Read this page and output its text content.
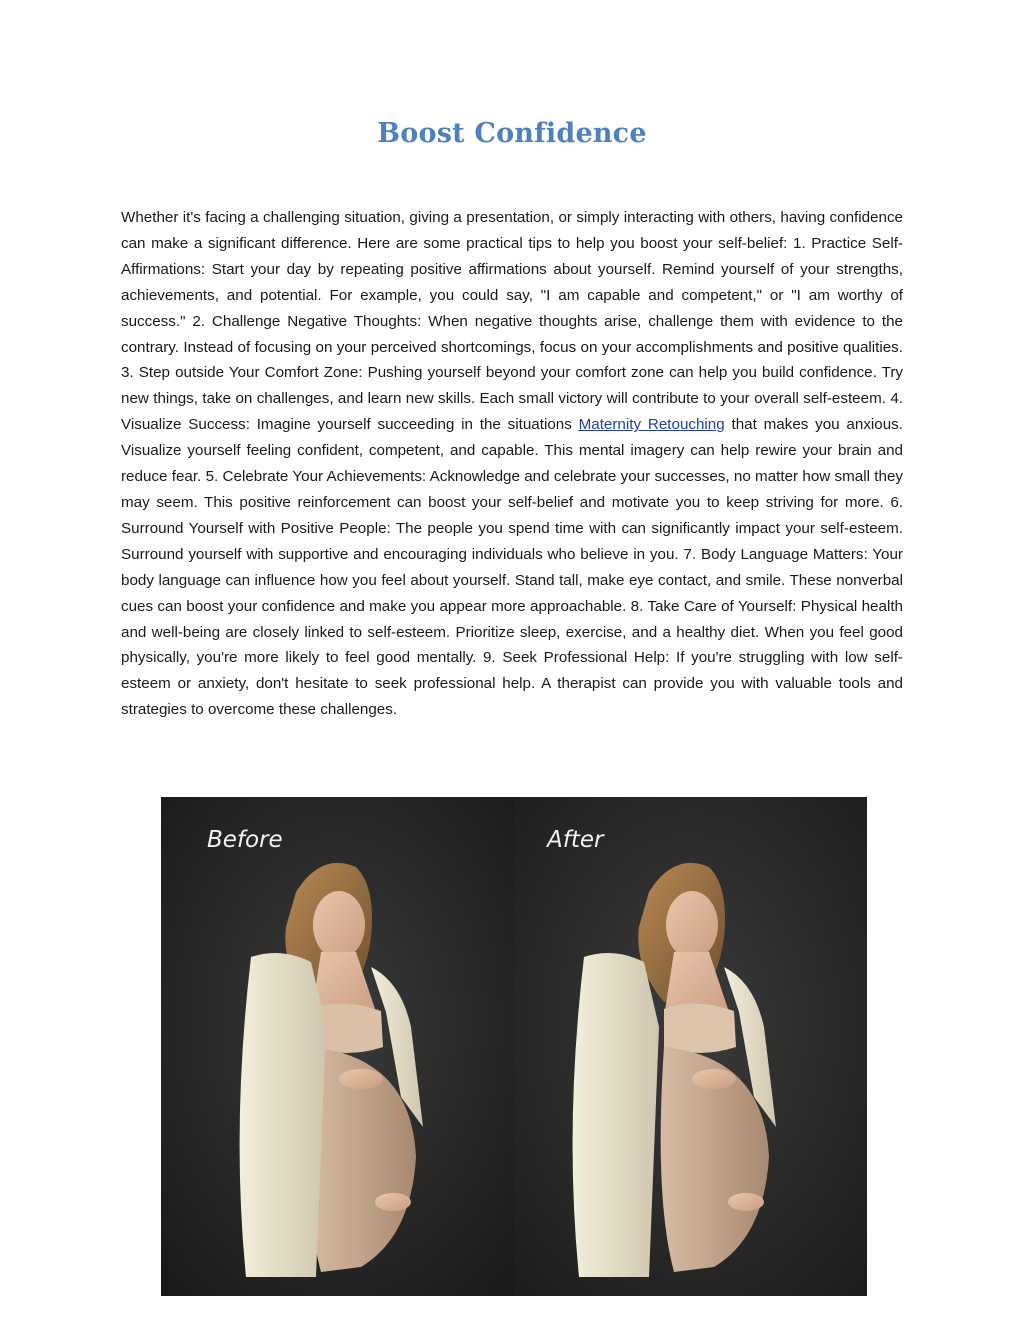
Boost Confidence

Whether it's facing a challenging situation, giving a presentation, or simply interacting with others, having confidence can make a significant difference. Here are some practical tips to help you boost your self-belief: 1. Practice Self-Affirmations: Start your day by repeating positive affirmations about yourself. Remind yourself of your strengths, achievements, and potential. For example, you could say, "I am capable and competent," or "I am worthy of success." 2. Challenge Negative Thoughts: When negative thoughts arise, challenge them with evidence to the contrary. Instead of focusing on your perceived shortcomings, focus on your accomplishments and positive qualities. 3. Step outside Your Comfort Zone: Pushing yourself beyond your comfort zone can help you build confidence. Try new things, take on challenges, and learn new skills. Each small victory will contribute to your overall self-esteem. 4. Visualize Success: Imagine yourself succeeding in the situations Maternity Retouching that makes you anxious. Visualize yourself feeling confident, competent, and capable. This mental imagery can help rewire your brain and reduce fear. 5. Celebrate Your Achievements: Acknowledge and celebrate your successes, no matter how small they may seem. This positive reinforcement can boost your self-belief and motivate you to keep striving for more. 6. Surround Yourself with Positive People: The people you spend time with can significantly impact your self-esteem. Surround yourself with supportive and encouraging individuals who believe in you. 7. Body Language Matters: Your body language can influence how you feel about yourself. Stand tall, make eye contact, and smile. These nonverbal cues can boost your confidence and make you appear more approachable. 8. Take Care of Yourself: Physical health and well-being are closely linked to self-esteem. Prioritize sleep, exercise, and a healthy diet. When you feel good physically, you're more likely to feel good mentally. 9. Seek Professional Help: If you're struggling with low self-esteem or anxiety, don't hesitate to seek professional help. A therapist can provide you with valuable tools and strategies to overcome these challenges.

Before	After
